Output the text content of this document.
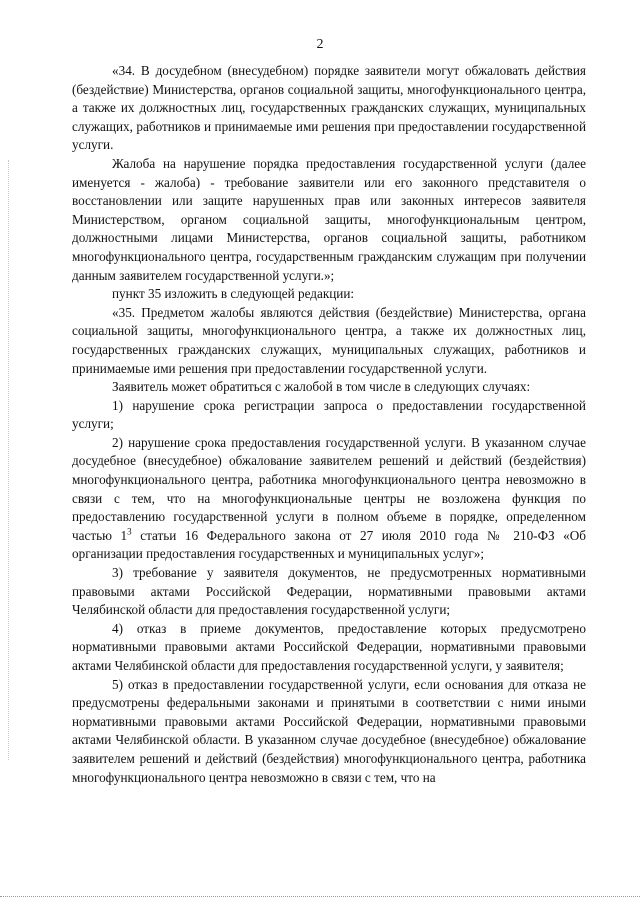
2

«34. В досудебном (внесудебном) порядке заявители могут обжаловать действия (бездействие) Министерства, органов социальной защиты, многофункционального центра, а также их должностных лиц, государственных гражданских служащих, муниципальных служащих, работников и принимаемые ими решения при предоставлении государственной услуги.

Жалоба на нарушение порядка предоставления государственной услуги (далее именуется - жалоба) - требование заявители или его законного представителя о восстановлении или защите нарушенных прав или законных интересов заявителя Министерством, органом социальной защиты, многофункциональным центром, должностными лицами Министерства, органов социальной защиты, работником многофункционального центра, государственным гражданским служащим при получении данным заявителем государственной услуги.»;

пункт 35 изложить в следующей редакции:

«35. Предметом жалобы являются действия (бездействие) Министерства, органа социальной защиты, многофункционального центра, а также их должностных лиц, государственных гражданских служащих, муниципальных служащих, работников и принимаемые ими решения при предоставлении государственной услуги.

Заявитель может обратиться с жалобой в том числе в следующих случаях:

1) нарушение срока регистрации запроса о предоставлении государственной услуги;

2) нарушение срока предоставления государственной услуги. В указанном случае досудебное (внесудебное) обжалование заявителем решений и действий (бездействия) многофункционального центра, работника многофункционального центра невозможно в связи с тем, что на многофункциональные центры не возложена функция по предоставлению государственной услуги в полном объеме в порядке, определенном частью $1^3$ статьи 16 Федерального закона от 27 июля 2010 года № 210-ФЗ «Об организации предоставления государственных и муниципальных услуг»;

3) требование у заявителя документов, не предусмотренных нормативными правовыми актами Российской Федерации, нормативными правовыми актами Челябинской области для предоставления государственной услуги;

4) отказ в приеме документов, предоставление которых предусмотрено нормативными правовыми актами Российской Федерации, нормативными правовыми актами Челябинской области для предоставления государственной услуги, у заявителя;

5) отказ в предоставлении государственной услуги, если основания для отказа не предусмотрены федеральными законами и принятыми в соответствии с ними иными нормативными правовыми актами Российской Федерации, нормативными правовыми актами Челябинской области. В указанном случае досудебное (внесудебное) обжалование заявителем решений и действий (бездействия) многофункционального центра, работника многофункционального центра невозможно в связи с тем, что на
